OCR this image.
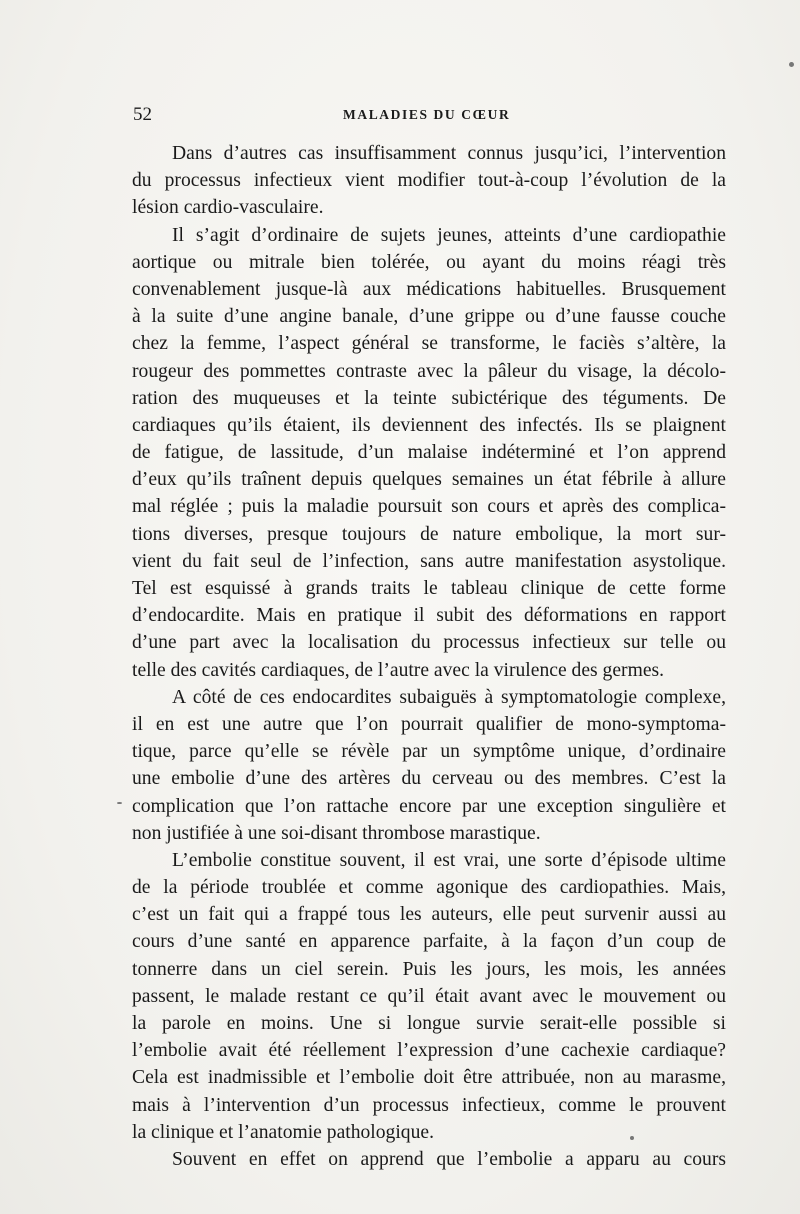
52	MALADIES DU CŒUR
Dans d’autres cas insuffisamment connus jusqu’ici, l’intervention
du processus infectieux vient modifier tout-à-coup l’évolution de la
lésion cardio-vasculaire.
Il s’agit d’ordinaire de sujets jeunes, atteints d’une cardiopathie
aortique ou mitrale bien tolérée, ou ayant du moins réagi très
convenablement jusque-là aux médications habituelles. Brusquement
à la suite d’une angine banale, d’une grippe ou d’une fausse couche
chez la femme, l’aspect général se transforme, le faciès s’altère, la
rougeur des pommettes contraste avec la pâleur du visage, la décolo-
ration des muqueuses et la teinte subictérique des téguments. De
cardiaques qu’ils étaient, ils deviennent des infectés. Ils se plaignent
de fatigue, de lassitude, d’un malaise indéterminé et l’on apprend
d’eux qu’ils traînent depuis quelques semaines un état fébrile à allure
mal réglée ; puis la maladie poursuit son cours et après des complica-
tions diverses, presque toujours de nature embolique, la mort sur-
vient du fait seul de l’infection, sans autre manifestation asystolique.
Tel est esquissé à grands traits le tableau clinique de cette forme
d’endocardite. Mais en pratique il subit des déformations en rapport
d’une part avec la localisation du processus infectieux sur telle ou
telle des cavités cardiaques, de l’autre avec la virulence des germes.
A côté de ces endocardites subaiguës à symptomatologie complexe,
il en est une autre que l’on pourrait qualifier de mono-symptoma-
tique, parce qu’elle se révèle par un symptôme unique, d’ordinaire
une embolie d’une des artères du cerveau ou des membres. C’est la
complication que l’on rattache encore par une exception singulière et
non justifiée à une soi-disant thrombose marastique.
L’embolie constitue souvent, il est vrai, une sorte d’épisode ultime
de la période troublée et comme agonique des cardiopathies. Mais,
c’est un fait qui a frappé tous les auteurs, elle peut survenir aussi au
cours d’une santé en apparence parfaite, à la façon d’un coup de
tonnerre dans un ciel serein. Puis les jours, les mois, les années
passent, le malade restant ce qu’il était avant avec le mouvement ou
la parole en moins. Une si longue survie serait-elle possible si
l’embolie avait été réellement l’expression d’une cachexie cardiaque?
Cela est inadmissible et l’embolie doit être attribuée, non au marasme,
mais à l’intervention d’un processus infectieux, comme le prouvent
la clinique et l’anatomie pathologique.
Souvent en effet on apprend que l’embolie a apparu au cours
